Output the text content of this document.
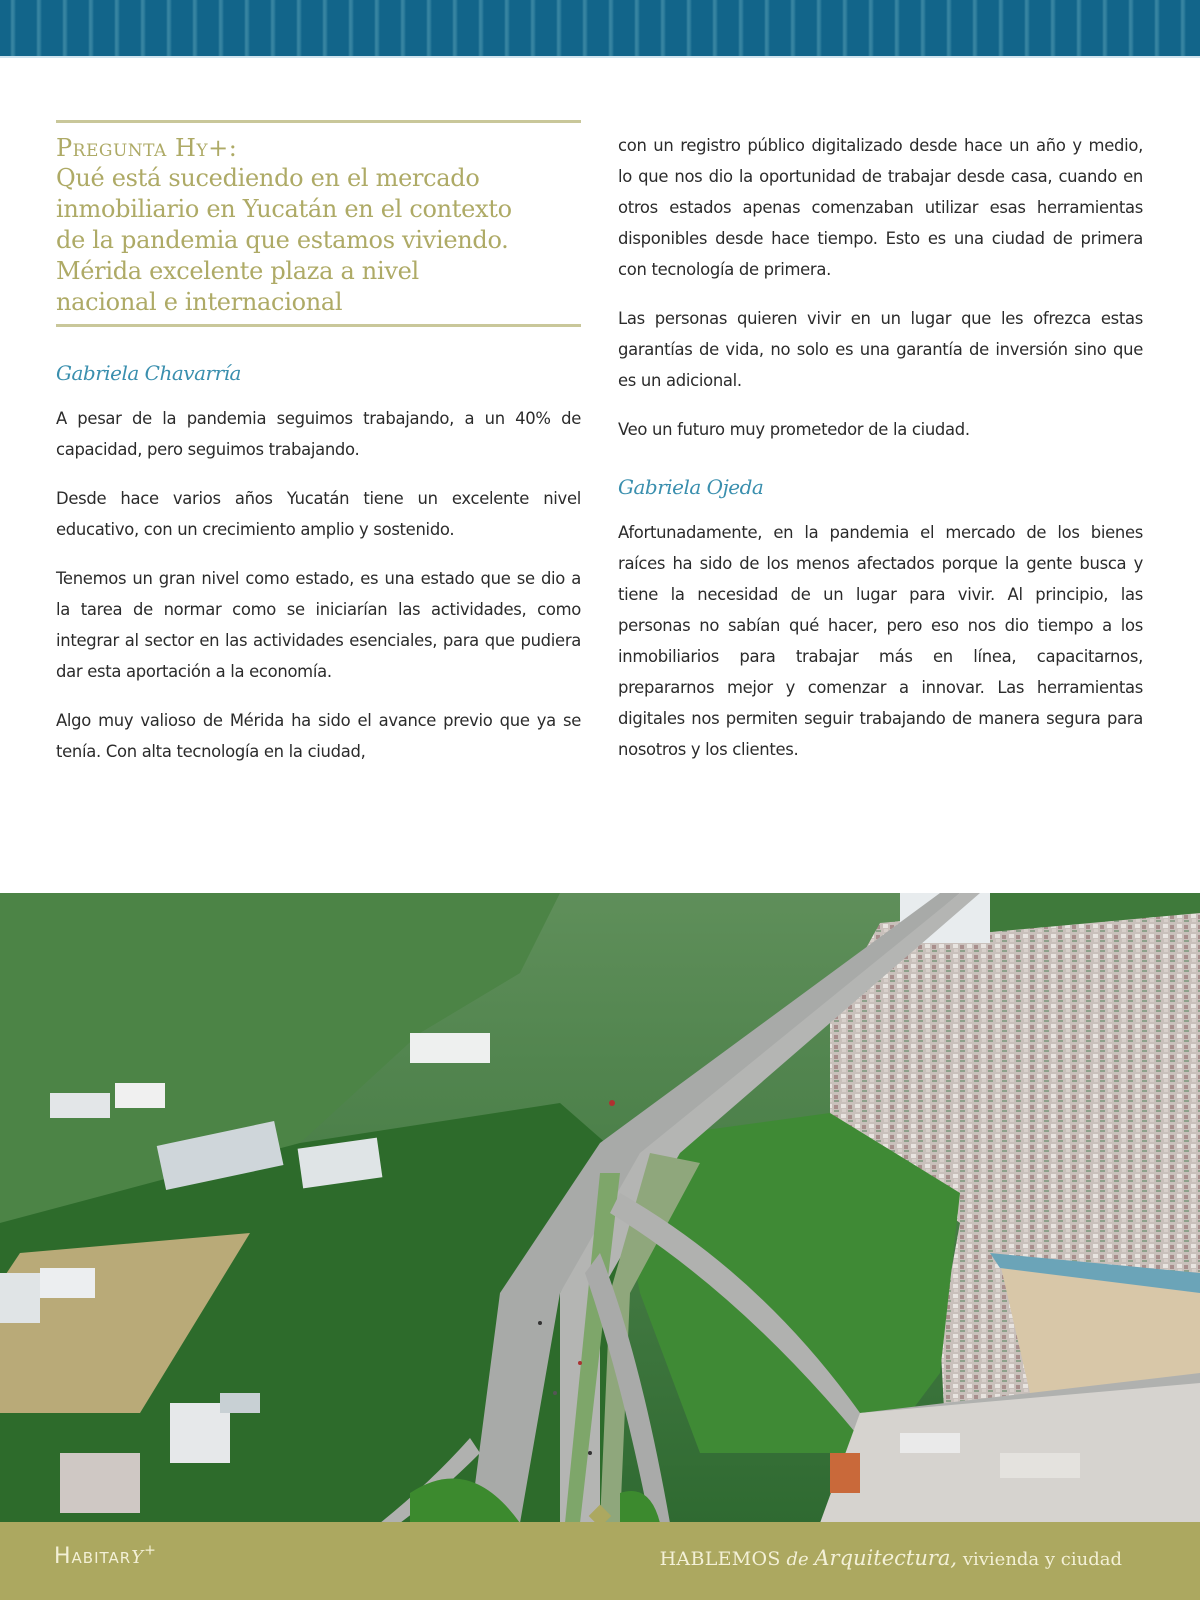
Pregunta Hy+:
Qué está sucediendo en el mercado
inmobiliario en Yucatán en el contexto
de la pandemia que estamos viviendo.
Mérida excelente plaza a nivel
nacional e internacional
Gabriela Chavarría

A pesar de la pandemia seguimos trabajando, a un 40% de capacidad, pero seguimos trabajando.

Desde hace varios años Yucatán tiene un excelente nivel educativo, con un crecimiento amplio y sostenido.

Tenemos un gran nivel como estado, es una estado que se dio a la tarea de normar como se iniciarían las actividades, como integrar al sector en las actividades esenciales, para que pudiera dar esta aportación a la economía.

Algo muy valioso de Mérida ha sido el avance previo que ya se tenía. Con alta tecnología en la ciudad,

con un registro público digitalizado desde hace un año y medio, lo que nos dio la oportunidad de trabajar desde casa, cuando en otros estados apenas comenzaban utilizar esas herramientas disponibles desde hace tiempo. Esto es una ciudad de primera con tecnología de primera.

Las personas quieren vivir en un lugar que les ofrezca estas garantías de vida, no solo es una garantía de inversión sino que es un adicional.

Veo un futuro muy prometedor de la ciudad.

Gabriela Ojeda

Afortunadamente, en la pandemia el mercado de los bienes raíces ha sido de los menos afectados porque la gente busca y tiene la necesidad de un lugar para vivir. Al principio, las personas no sabían qué hacer, pero eso nos dio tiempo a los inmobiliarios para trabajar más en línea, capacitarnos, prepararnos mejor y comenzar a innovar. Las herramientas digitales nos permiten seguir trabajando de manera segura para nosotros y los clientes.

Habitary+	HABLEMOS de Arquitectura, vivienda y ciudad
